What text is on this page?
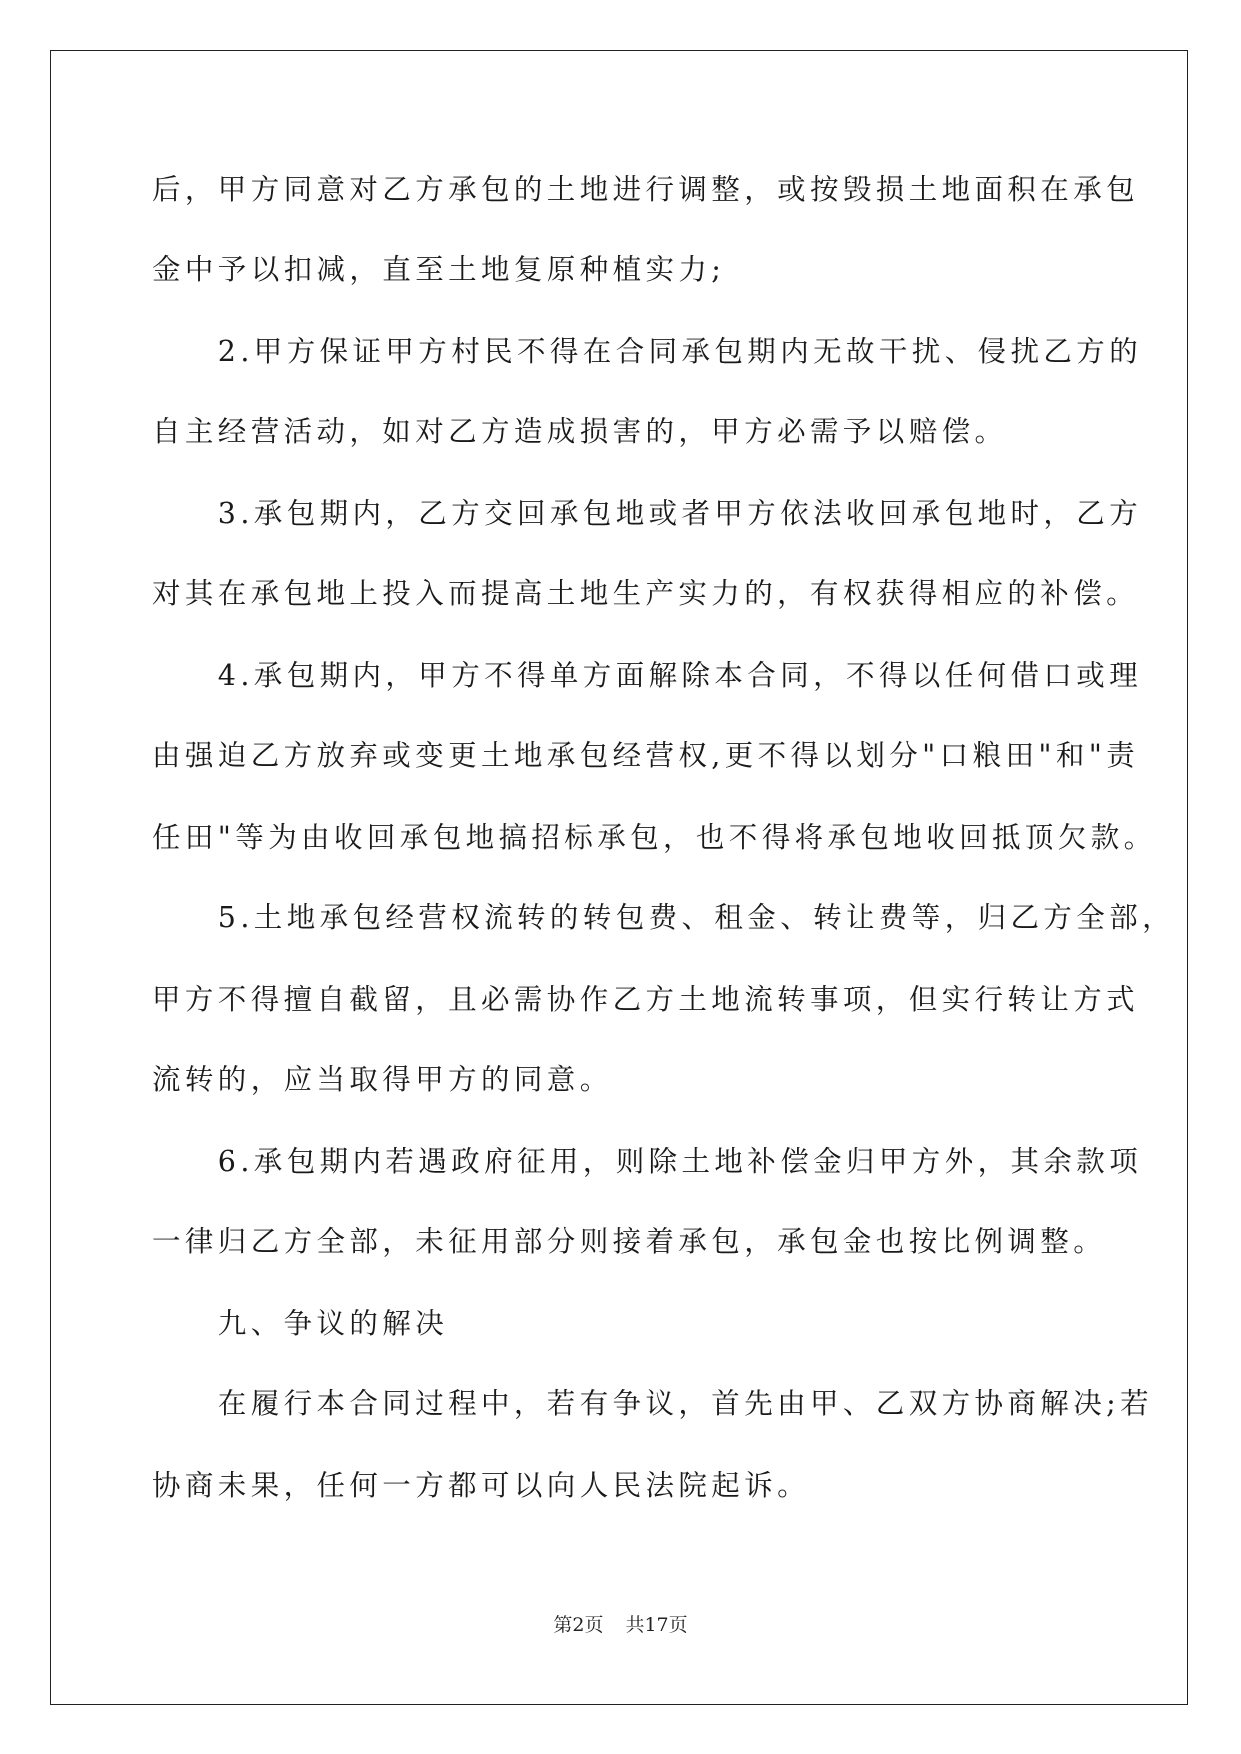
后，甲方同意对乙方承包的土地进行调整，或按毁损土地面积在承包
金中予以扣减，直至土地复原种植实力;
　　2.甲方保证甲方村民不得在合同承包期内无故干扰、侵扰乙方的
自主经营活动，如对乙方造成损害的，甲方必需予以赔偿。
　　3.承包期内，乙方交回承包地或者甲方依法收回承包地时，乙方
对其在承包地上投入而提高土地生产实力的，有权获得相应的补偿。
　　4.承包期内，甲方不得单方面解除本合同，不得以任何借口或理
由强迫乙方放弃或变更土地承包经营权,更不得以划分"口粮田"和"责
任田"等为由收回承包地搞招标承包，也不得将承包地收回抵顶欠款。
　　5.土地承包经营权流转的转包费、租金、转让费等，归乙方全部，
甲方不得擅自截留，且必需协作乙方土地流转事项，但实行转让方式
流转的，应当取得甲方的同意。
　　6.承包期内若遇政府征用，则除土地补偿金归甲方外，其余款项
一律归乙方全部，未征用部分则接着承包，承包金也按比例调整。
　　九、争议的解决
　　在履行本合同过程中，若有争议，首先由甲、乙双方协商解决;若
协商未果，任何一方都可以向人民法院起诉。
第2页 共17页
